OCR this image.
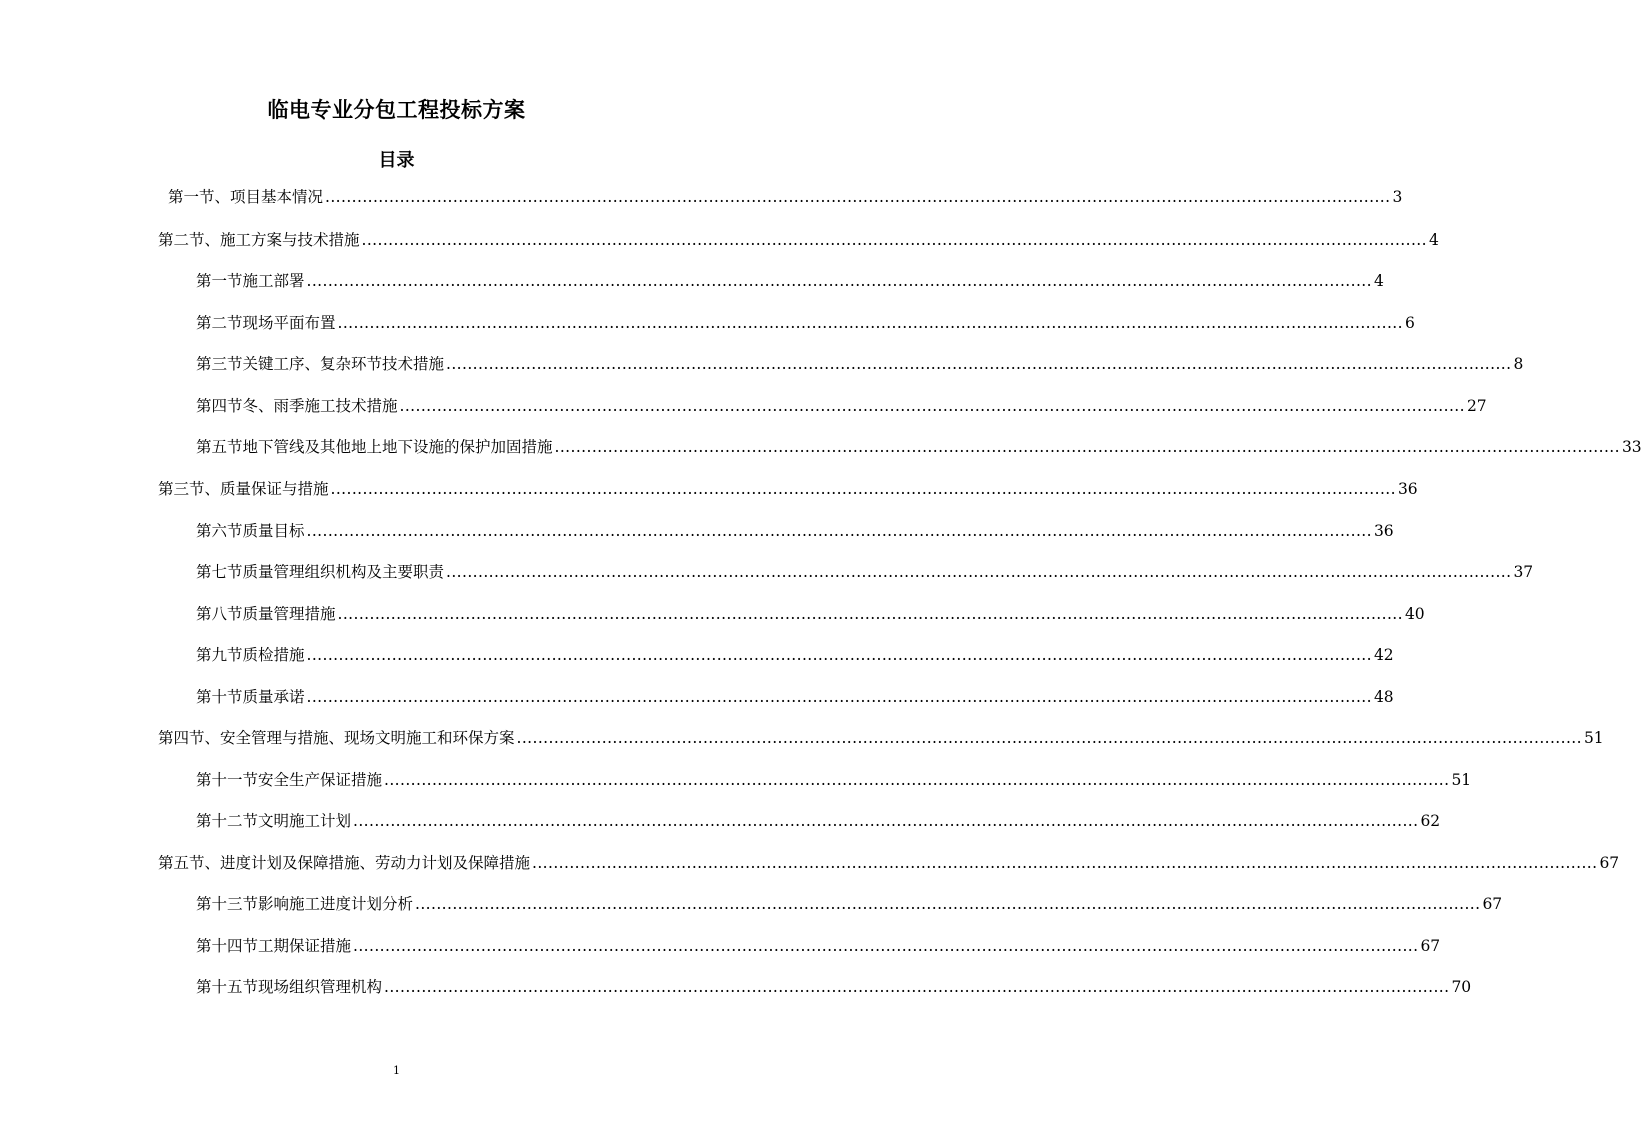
临电专业分包工程投标方案
目录
第一节、 项目基本情况 ........................................................................................................................................................................................................ 3
第二节、 施工方案与技术措施 ........................................................................................................................................................................................................ 4
第一节 施工部署 ........................................................................................................................................................................................................ 4
第二节 现场平面布置 ........................................................................................................................................................................................................ 6
第三节 关键工序、复杂环节技术措施 ........................................................................................................................................................................................................ 8
第四节 冬、雨季施工技术措施 ........................................................................................................................................................................................................ 27
第五节 地下管线及其他地上地下设施的保护加固措施 ........................................................................................................................................................................................................ 33
第三节、 质量保证与措施 ........................................................................................................................................................................................................ 36
第六节 质量目标 ........................................................................................................................................................................................................ 36
第七节 质量管理组织机构及主要职责 ........................................................................................................................................................................................................ 37
第八节 质量管理措施 ........................................................................................................................................................................................................ 40
第九节 质检措施 ........................................................................................................................................................................................................ 42
第十节 质量承诺 ........................................................................................................................................................................................................ 48
第四节、 安全管理与措施、现场文明施工和环保方案 ........................................................................................................................................................................................................ 51
第十一节 安全生产保证措施 ........................................................................................................................................................................................................ 51
第十二节 文明施工计划 ........................................................................................................................................................................................................ 62
第五节、 进度计划及保障措施、劳动力计划及保障措施 ........................................................................................................................................................................................................ 67
第十三节 影响施工进度计划分析 ........................................................................................................................................................................................................ 67
第十四节 工期保证措施 ........................................................................................................................................................................................................ 67
第十五节 现场组织管理机构 ........................................................................................................................................................................................................ 70
1
